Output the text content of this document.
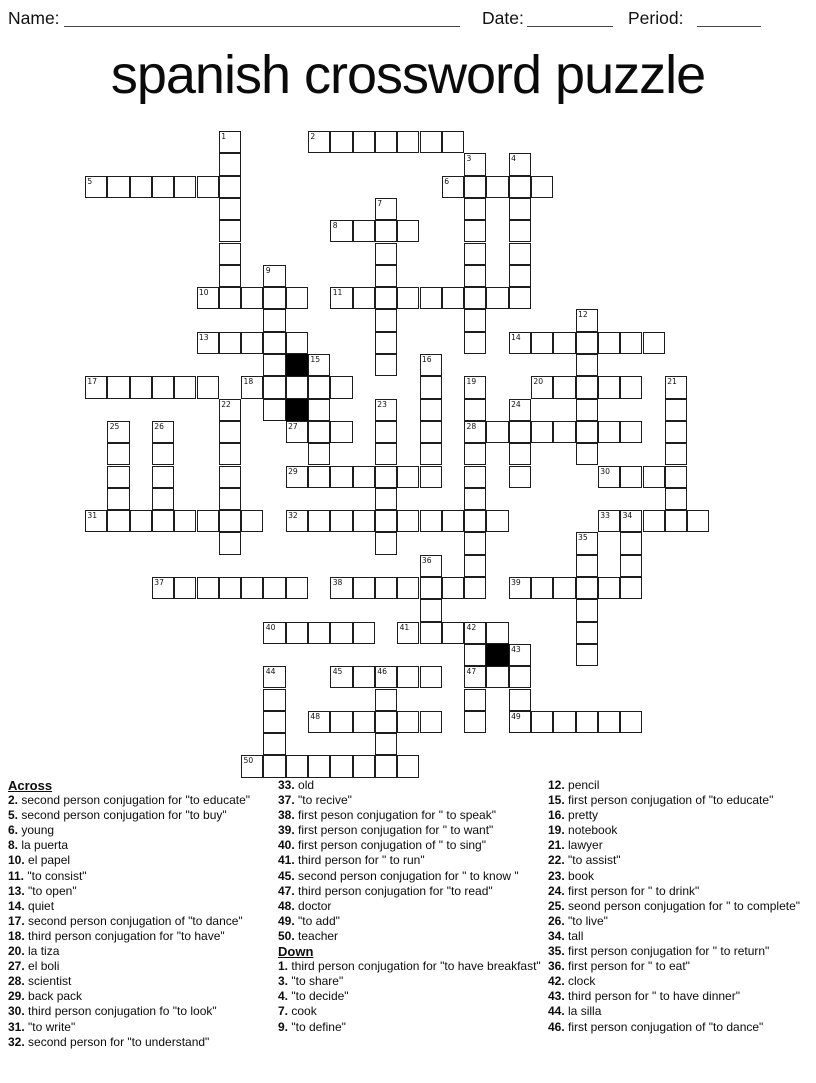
Name:	Date:	Period:
spanish crossword puzzle
1	2
3	4
5	6
7
8
9
10	11
12
13	14
15	16
17	18	19
28
20	21
22	23	24
25	26	27
29	30
31	32	33 34
35
36
37	38	39
40	41	42
47
43
49
44	45	46
48
50
Across
2. second person conjugation for "to educate"
5. second person conjugation for "to buy"
6. young
8. la puerta
10. el papel
11. "to consist"
13. "to open"
14. quiet
17. second person conjugation of "to dance"
18. third person conjugation for "to have"
20. la tiza
27. el boli
28. scientist
29. back pack
30. third person conjugation fo "to look"
31. "to write"
32. second person for "to understand"
33. old
37. "to recive"
38. first peson conjugation for " to speak"
39. first person conjugation for " to want"
40. first person conjugation of " to sing"
41. third person for " to run"
45. second person conjugation for " to know "
47. third person conjugation for "to read"
48. doctor
49. "to add"
50. teacher
Down
1. third person conjugation for "to have breakfast"
3. "to share"
4. "to decide"
7. cook
9. "to define"
12. pencil
15. first person conjugation of "to educate"
16. pretty
19. notebook
21. lawyer
22. "to assist"
23. book
24. first person for " to drink"
25. seond person conjugation for " to complete"
26. "to live"
34. tall
35. first person conjugation for " to return"
36. first person for " to eat"
42. clock
43. third person for " to have dinner"
44. la silla
46. first person conjugation of "to dance"
